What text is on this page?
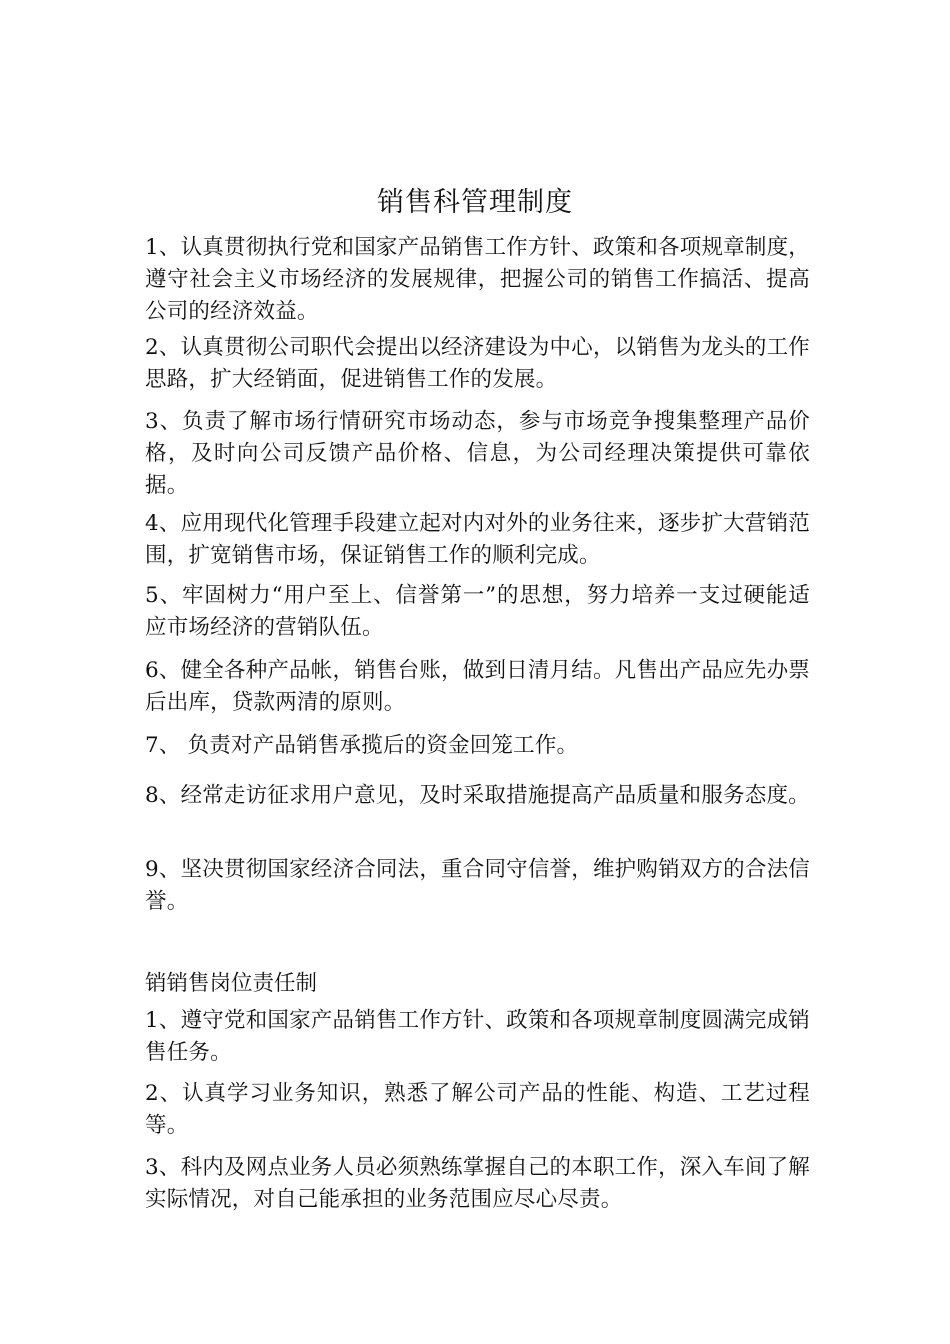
销售科管理制度
1、认真贯彻执行党和国家产品销售工作方针、政策和各项规章制度，遵守社会主义市场经济的发展规律，把握公司的销售工作搞活、提高公司的经济效益。
2、认真贯彻公司职代会提出以经济建设为中心，以销售为龙头的工作思路，扩大经销面，促进销售工作的发展。
3、负责了解市场行情研究市场动态，参与市场竞争搜集整理产品价格，及时向公司反馈产品价格、信息，为公司经理决策提供可靠依据。
4、应用现代化管理手段建立起对内对外的业务往来，逐步扩大营销范围，扩宽销售市场，保证销售工作的顺利完成。
5、牢固树力“用户至上、信誉第一”的思想，努力培养一支过硬能适应市场经济的营销队伍。
6、健全各种产品帐，销售台账，做到日清月结。凡售出产品应先办票后出库，贷款两清的原则。
7、 负责对产品销售承揽后的资金回笼工作。
8、经常走访征求用户意见，及时采取措施提高产品质量和服务态度。
9、坚决贯彻国家经济合同法，重合同守信誉，维护购销双方的合法信誉。
销销售岗位责任制
1、遵守党和国家产品销售工作方针、政策和各项规章制度圆满完成销售任务。
2、认真学习业务知识，熟悉了解公司产品的性能、构造、工艺过程等。
3、科内及网点业务人员必须熟练掌握自己的本职工作，深入车间了解实际情况，对自己能承担的业务范围应尽心尽责。
